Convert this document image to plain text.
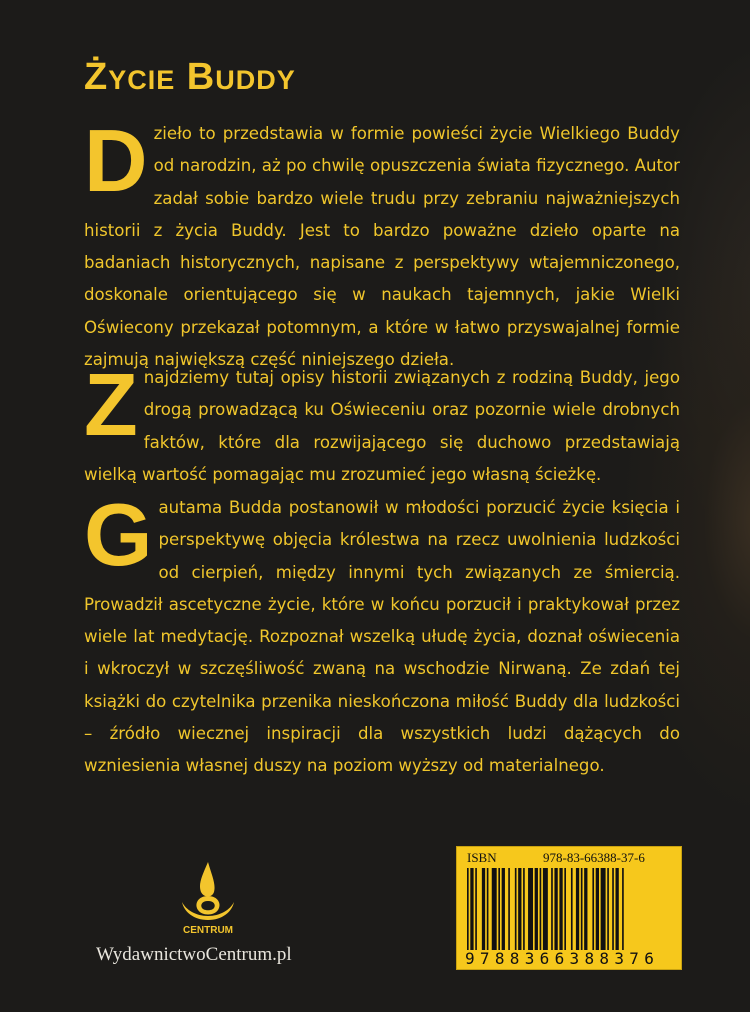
Życie Buddy

Dzieło to przedstawia w formie powieści życie Wielkiego Buddy od narodzin, aż po chwilę opuszczenia świata fizycznego. Autor zadał sobie bardzo wiele trudu przy zebraniu najważniejszych historii z życia Buddy. Jest to bardzo poważne dzieło oparte na badaniach historycznych, napisane z perspektywy wtajemniczonego, doskonale orientującego się w naukach tajemnych, jakie Wielki Oświecony przekazał potomnym, a które w łatwo przyswajalnej formie zajmują największą część niniejszego dzieła.

Znajdziemy tutaj opisy historii związanych z rodziną Buddy, jego drogą prowadzącą ku Oświeceniu oraz pozornie wiele drobnych faktów, które dla rozwijającego się duchowo przedstawiają wielką wartość pomagając mu zrozumieć jego własną ścieżkę.

Gautama Budda postanowił w młodości porzucić życie księcia i perspektywę objęcia królestwa na rzecz uwolnienia ludzkości od cierpień, między innymi tych związanych ze śmiercią. Prowadził ascetyczne życie, które w końcu porzucił i praktykował przez wiele lat medytację. Rozpoznał wszelką ułudę życia, doznał oświecenia i wkroczył w szczęśliwość zwaną na wschodzie Nirwaną. Ze zdań tej książki do czytelnika przenika nieskończona miłość Buddy dla ludzkości – źródło wiecznej inspiracji dla wszystkich ludzi dążących do wzniesienia własnej duszy na poziom wyższy od materialnego.

CENTRUM

WydawnictwoCentrum.pl

ISBN	978-83-66388-37-6

9788366388376
